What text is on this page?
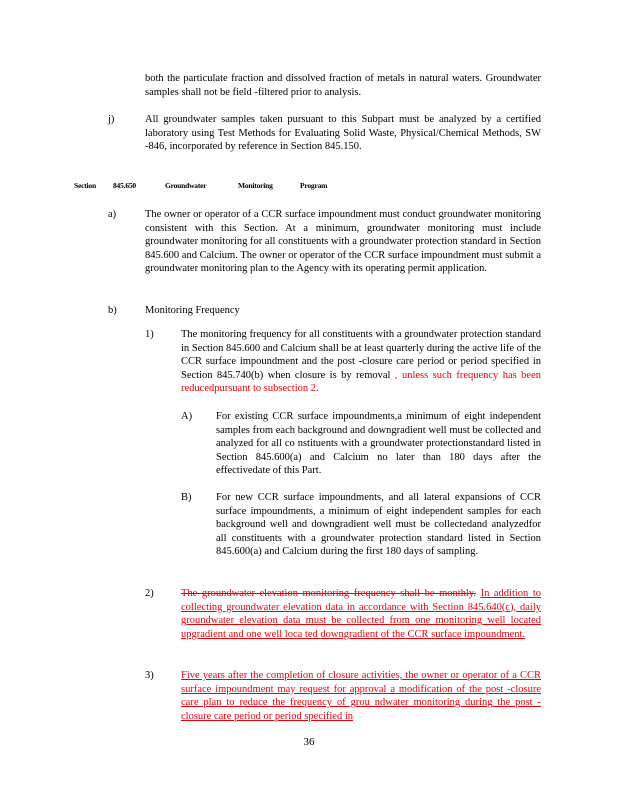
both the particulate fraction and dissolved fraction of metals in natural waters. Groundwater samples shall not be field -filtered prior to analysis.

j)	All groundwater samples taken pursuant to this Subpart must be analyzed by a certified laboratory using Test Methods for Evaluating Solid Waste, Physical/Chemical Methods, SW -846, incorporated by reference in Section 845.150.

Section 845.650	Groundwater	Monitoring	Program
a)	The owner or operator of a CCR surface impoundment must conduct groundwater monitoring consistent with this Section. At a minimum, groundwater monitoring must include groundwater monitoring for all constituents with a groundwater protection standard in Section 845.600 and Calcium. The owner or operator of the CCR surface impoundment must submit a groundwater monitoring plan to the Agency with its operating permit application.

b)	Monitoring Frequency
1)	The monitoring frequency for all constituents with a groundwater protection standard in Section 845.600 and Calcium shall be at least quarterly during the active life of the CCR surface impoundment and the post -closure care period or period specified in Section 845.740(b) when closure is by removal , unless such frequency has been reducedpursuant to subsection 2.

A) For existing CCR surface impoundments,a minimum of eight independent samples from each background and downgradient well must be collected and analyzed for all co nstituents with a groundwater protectionstandard listed in Section 845.600(a) and Calcium no later than 180 days after the effectivedate of this Part.

B) For new CCR surface impoundments, and all lateral expansions of CCR surface impoundments, a minimum of eight independent samples for each background well and downgradient well must be collectedand analyzedfor all constituents with a groundwater protection standard listed in Section 845.600(a) and Calcium during the first 180 days of sampling.

2)	The groundwater elevation monitoring frequency shall be monthly. In addition to collecting groundwater elevation data in accordance with Section 845.640(c), daily groundwater elevation data must be collected from one monitoring well located upgradient and one well loca ted downgradient of the CCR surface impoundment.

3)	Five years after the completion of closure activities, the owner or operator of a CCR surface impoundment may request for approval a modification of the post -closure care plan to reduce the frequency of grou ndwater monitoring during the post -closure care period or period specified in

36
